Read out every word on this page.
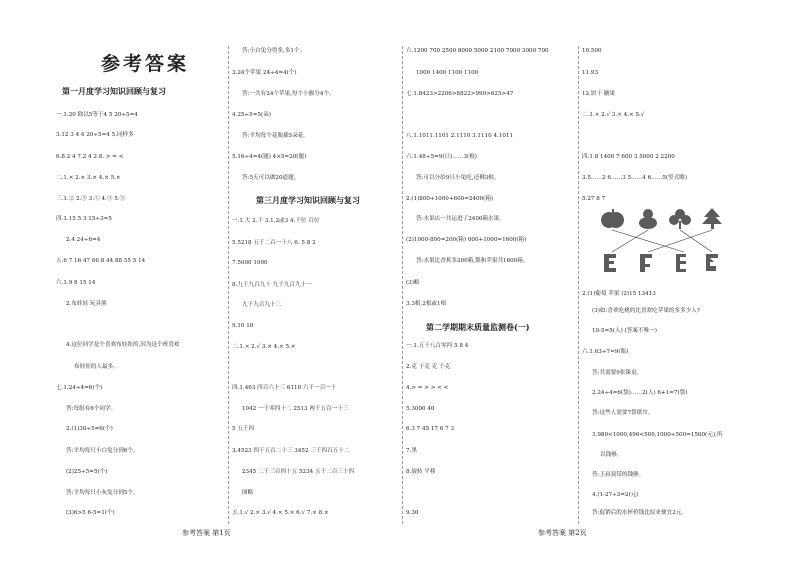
参考答案
第一月度学习知识回顾与复习
一.1.20 除以5等于4 5 20÷5=4
3.12 3 4 4 20÷5=4 5.同样多
6.8 2 4 7.2 4 2 8. > = <
二.1.× 2.× 3.× 4.× 5.×
三.1.② 2.③ 3.① 4.③ 5.③
四.1.15 5 3 15÷3=5
2.4 24÷6=4
五.6 7 16 47 66 8 44 88 55 5 14
六.1.9 8 15 14
2.布娃娃 玩具熊
4.这位同学是个喜欢布娃娃的,因为这个班喜欢
布娃娃的人最多。
七.1.24÷4=6(个)
答:每组有6个同学。
2.(1)30÷5=6(个)
答:平均每只小白兔分到6个。
(2)25÷5=5(个)
答:平均每只小灰兔分到5个。
(3)6>5 6-5=1(个)
答:小白兔分得多,多1个。
3.24个苹果 24÷4=4(个)
答:一共有24个苹果,每个小猴分4个。
4.25÷5=5(朵)
答:平均每个花瓶插5朵花。
5.16÷4=4(题) 4×5=20(题)
答:5天可以做20道题。
第三月度学习知识回顾与复习
一.1.大 2.千 3.1,2或3 4.千位 百位
5.5218 五千二百一十八 6. 5 8 2
7.5000 1000
8.九千九百九十 九千九百九十一
九千九百九十二
9.10 10
二.1.× 2.√ 3.× 4.× 5.×
四.1.463 四百六十三 6110 六千一百一十
1042 一千零四十二 2513 两千五百一十三
5 五千四
3.4523 四千五百二十三 3452 三千四百五十二
2345 二千三百四十五 5234 五千二百三十四
图略
五.1.√ 2.× 3.√ 4.× 5.× 6.√ 7.× 8.×
六.1200 700 2500 8000 5000 2100 7000 3000 700
1000 1400 1100 1100
七.1.8423>2206>8822>999>625>47
八.1.1011.1101 2.1110 3.1110 4.1011
六.1.48÷5=9(只)……3(根)
答:可以分给9只小兔吃,还剩3根。
2.(1)800+1000+600=2400(箱)
答:水果店一共运进了2400箱水果。
(2)1000-800=200(箱) 600+1000=1600(箱)
答:水果比香蕉多200箱,梨和苹果共1600箱。
(3)略
3.3根,2根或1根
第二学期期末质量监测卷(一)
一.1.五千八百零四 5 8 4
2.克 千克 克 千克
4.> = > > < <
5.3000 40
6.3 7 45 17 6 7 3
7.黑
8.旋转 平移
9.30
10.500
11.93
12.饼干 糖果
二.1.× 2.√ 3.× 4.× 5.√
四.1.8 1400 7 600 3 5000 2 2200
3.5……2 6……3 5……4 6……5(竖式略)
5.27 8 7
2.(1)葡萄 苹果 (2)15 13413
(3)如:喜欢吃桃的比喜欢吃苹果的多多少人?
10-5=5(人) (答案不唯一)
六.1.63÷7=9(瓶)
答:共需要9张课桌。
2.24÷4=6(袋)……2(人) 6+1=7(袋)
答:这些人需要7袋纸巾。
3.980<1000,496<500,1000+500=1500(元),所
以钱够。
答:王叔叔带的钱够。
4.(1-27÷3=2(元)
答:促销后的水杯价钱比原来便宜2元。
参考答案 第1页	参考答案 第2页
